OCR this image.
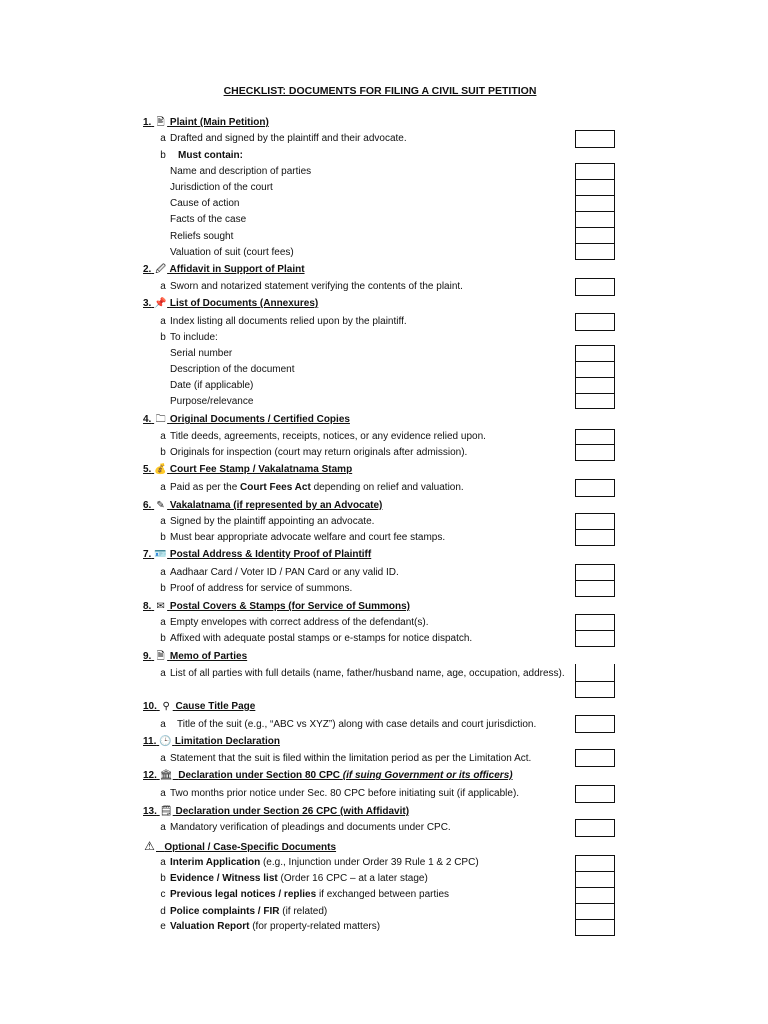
CHECKLIST: DOCUMENTS FOR FILING A CIVIL SUIT PETITION
1. 🖹 Plaint (Main Petition)
a Drafted and signed by the plaintiff and their advocate.
b	Must contain:
Name and description of parties
Jurisdiction of the court
Cause of action
Facts of the case
Reliefs sought
Valuation of suit (court fees)
2. 🖉 Affidavit in Support of Plaint
a Sworn and notarized statement verifying the contents of the plaint.
3. 📌 List of Documents (Annexures)
a Index listing all documents relied upon by the plaintiff.
b To include:
Serial number
Description of the document
Date (if applicable)
Purpose/relevance
4. 🗀 Original Documents / Certified Copies
a Title deeds, agreements, receipts, notices, or any evidence relied upon.
b Originals for inspection (court may return originals after admission).
5. 💰 Court Fee Stamp / Vakalatnama Stamp
a Paid as per the Court Fees Act depending on relief and valuation.
6. ✎ Vakalatnama (if represented by an Advocate)
a Signed by the plaintiff appointing an advocate.
b Must bear appropriate advocate welfare and court fee stamps.
7. 🪪 Postal Address & Identity Proof of Plaintiff
a Aadhaar Card / Voter ID / PAN Card or any valid ID.
b Proof of address for service of summons.
8. ✉ Postal Covers & Stamps (for Service of Summons)
a Empty envelopes with correct address of the defendant(s).
b Affixed with adequate postal stamps or e-stamps for notice dispatch.
9. 🗎 Memo of Parties
a List of all parties with full details (name, father/husband name, age, occupation, address).
10. ⚲ Cause Title Page
a	Title of the suit (e.g., “ABC vs XYZ”) along with case details and court jurisdiction.
11. 🕒 Limitation Declaration
a Statement that the suit is filed within the limitation period as per the Limitation Act.
12. 🏛 Declaration under Section 80 CPC (if suing Government or its officers)
a Two months prior notice under Sec. 80 CPC before initiating suit (if applicable).
13. 🗒 Declaration under Section 26 CPC (with Affidavit)
a Mandatory verification of pleadings and documents under CPC.
⚠ Optional / Case-Specific Documents
a Interim Application (e.g., Injunction under Order 39 Rule 1 & 2 CPC)
b Evidence / Witness list (Order 16 CPC – at a later stage)
c Previous legal notices / replies if exchanged between parties
d Police complaints / FIR (if related)
e Valuation Report (for property-related matters)
